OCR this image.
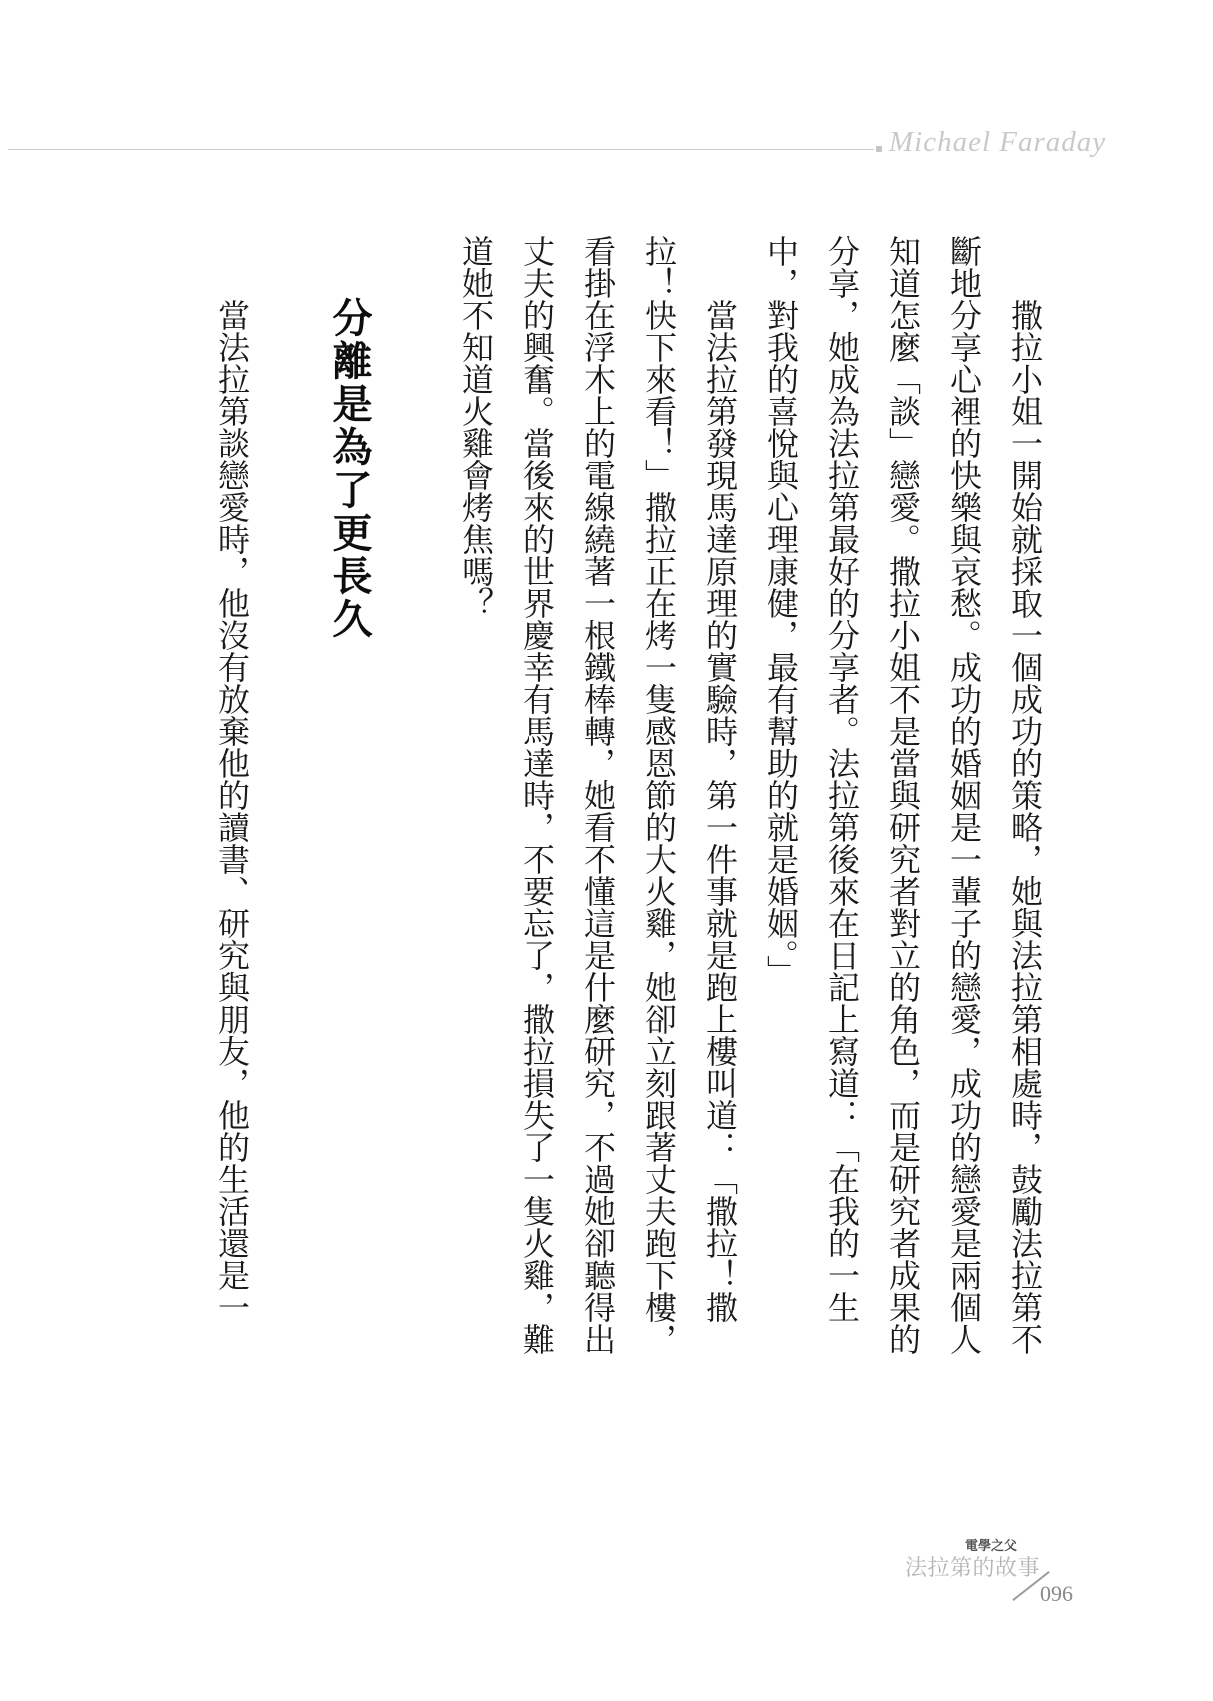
Michael Faraday

撒拉小姐一開始就採取一個成功的策略，她與法拉第相處時，鼓勵法拉第不斷地分享心裡的快樂與哀愁。成功的婚姻是一輩子的戀愛，成功的戀愛是兩個人知道怎麼「談」戀愛。撒拉小姐不是當與研究者對立的角色，而是研究者成果的分享，她成為法拉第最好的分享者。法拉第後來在日記上寫道：「在我的一生中，對我的喜悅與心理康健，最有幫助的就是婚姻。」

當法拉第發現馬達原理的實驗時，第一件事就是跑上樓叫道：「撒拉！撒拉！快下來看！」撒拉正在烤一隻感恩節的大火雞，她卻立刻跟著丈夫跑下樓，看掛在浮木上的電線繞著一根鐵棒轉，她看不懂這是什麼研究，不過她卻聽得出丈夫的興奮。當後來的世界慶幸有馬達時，不要忘了，撒拉損失了一隻火雞，難道她不知道火雞會烤焦嗎？

分離是為了更長久

當法拉第談戀愛時，他沒有放棄他的讀書、研究與朋友，他的生活還是一

電學之父
法拉第的故事
096
